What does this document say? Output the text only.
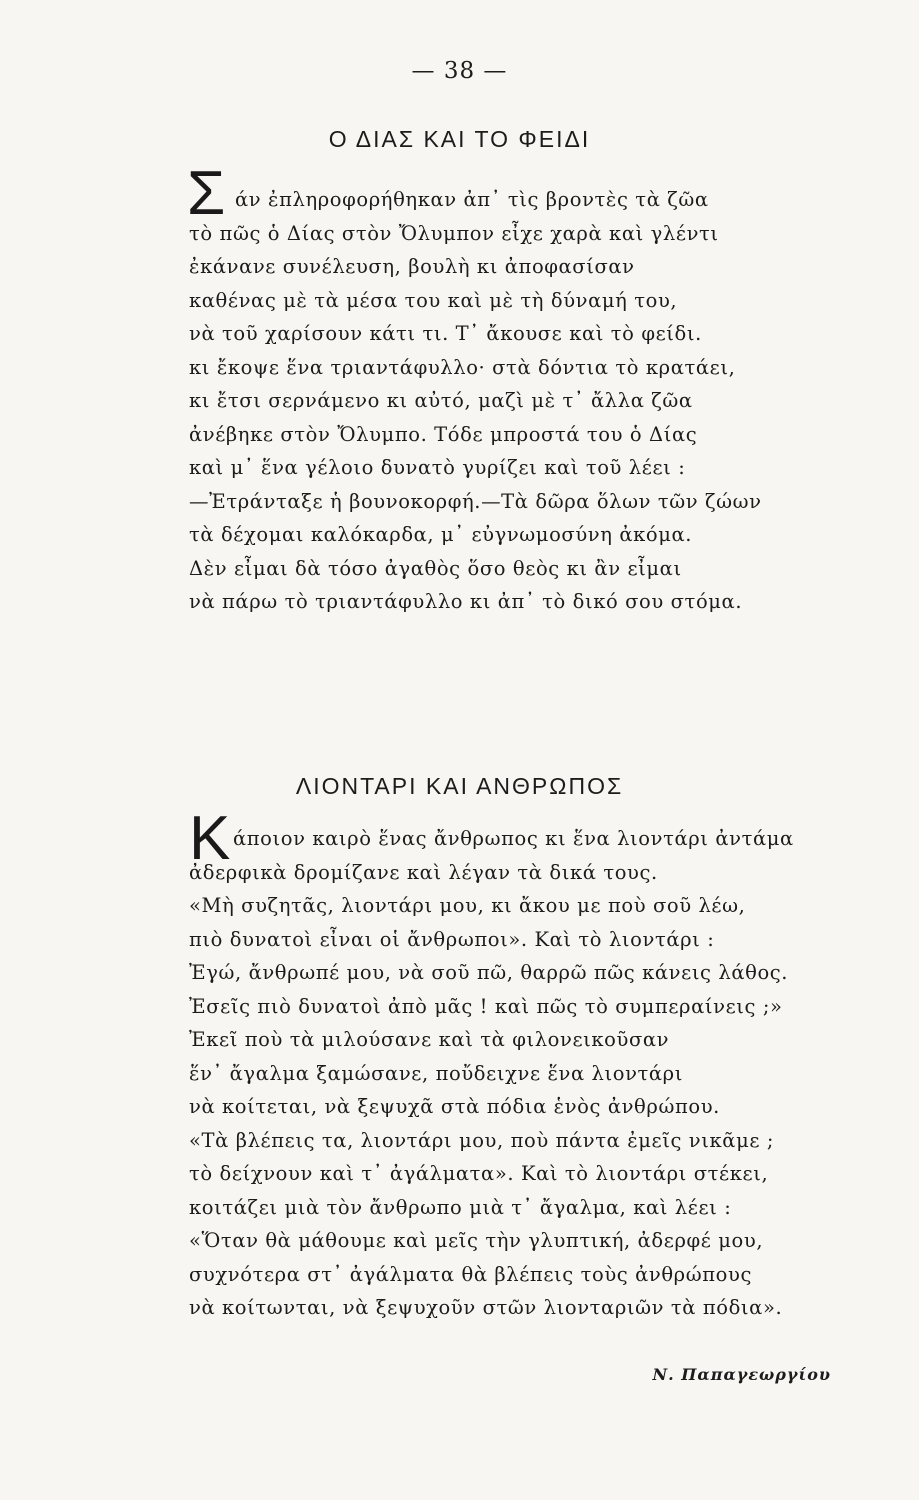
— 38 —
Ο ΔΙΑΣ ΚΑΙ ΤΟ ΦΕΙΔΙ
Σ άν ἐπληροφορήθηκαν ἀπ᾿ τὶς βροντὲς τὰ ζῶα
τὸ πῶς ὁ Δίας στὸν Ὄλυμπον εἶχε χαρὰ καὶ γλέντι
ἐκάνανε συνέλευση, βουλὴ κι ἀποφασίσαν
καθένας μὲ τὰ μέσα του καὶ μὲ τὴ δύναμή του,
νὰ τοῦ χαρίσουν κάτι τι. Τ᾿ ἄκουσε καὶ τὸ φείδι.
κι ἔκοψε ἕνα τριαντάφυλλο· στὰ δόντια τὸ κρατάει,
κι ἔτσι σερνάμενο κι αὐτό, μαζὶ μὲ τ᾿ ἄλλα ζῶα
ἀνέβηκε στὸν Ὄλυμπο. Τόδε μπροστά του ὁ Δίας
καὶ μ᾿ ἕνα γέλοιο δυνατὸ γυρίζει καὶ τοῦ λέει :
—Ἐτράνταξε ἡ βουνοκορφή.—Τὰ δῶρα ὅλων τῶν ζώων
τὰ δέχομαι καλόκαρδα, μ᾿ εὐγνωμοσύνη ἀκόμα.
Δὲν εἶμαι δὰ τόσο ἀγαθὸς ὅσο θεὸς κι ἂν εἶμαι
νὰ πάρω τὸ τριαντάφυλλο κι ἀπ᾿ τὸ δικό σου στόμα.
ΛΙΟΝΤΑΡΙ ΚΑΙ ΑΝΘΡΩΠΟΣ
Κ άποιον καιρὸ ἕνας ἄνθρωπος κι ἕνα λιοντάρι ἀντάμα
ἀδερφικὰ δρομίζανε καὶ λέγαν τὰ δικά τους.
«Μὴ συζητᾶς, λιοντάρι μου, κι ἄκου με ποὺ σοῦ λέω,
πιὸ δυνατοὶ εἶναι οἱ ἄνθρωποι». Καὶ τὸ λιοντάρι :
Ἐγώ, ἄνθρωπέ μου, νὰ σοῦ πῶ, θαρρῶ πῶς κάνεις λάθος.
Ἐσεῖς πιὸ δυνατοὶ ἀπὸ μᾶς ! καὶ πῶς τὸ συμπεραίνεις ;»
Ἐκεῖ ποὺ τὰ μιλούσανε καὶ τὰ φιλονεικοῦσαν
ἕν᾿ ἄγαλμα ξαμώσανε, ποὔδειχνε ἕνα λιοντάρι
νὰ κοίτεται, νὰ ξεψυχᾶ στὰ πόδια ἑνὸς ἀνθρώπου.
«Τὰ βλέπεις τα, λιοντάρι μου, ποὺ πάντα ἐμεῖς νικᾶμε ;
τὸ δείχνουν καὶ τ᾿ ἀγάλματα». Καὶ τὸ λιοντάρι στέκει,
κοιτάζει μιὰ τὸν ἄνθρωπο μιὰ τ᾿ ἄγαλμα, καὶ λέει :
«Ὅταν θὰ μάθουμε καὶ μεῖς τὴν γλυπτική, ἀδερφέ μου,
συχνότερα στ᾿ ἀγάλματα θὰ βλέπεις τοὺς ἀνθρώπους
νὰ κοίτωνται, νὰ ξεψυχοῦν στῶν λιονταριῶν τὰ πόδια».
Ν. Παπαγεωργίου
